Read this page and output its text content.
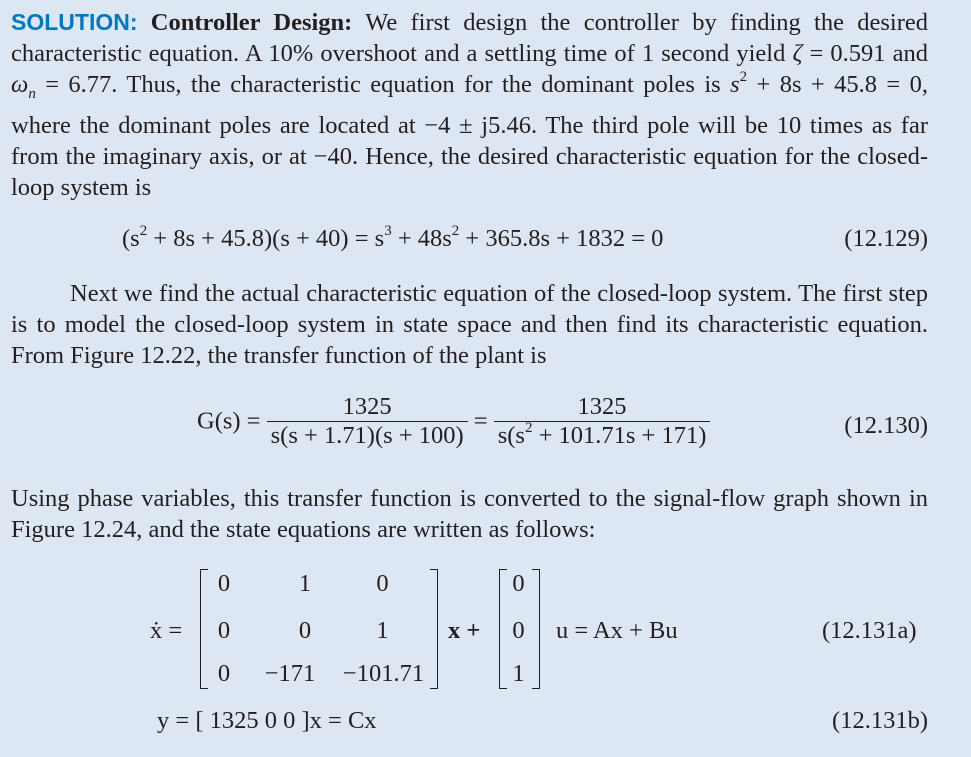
SOLUTION: Controller Design: We first design the controller by finding the desired characteristic equation. A 10% overshoot and a settling time of 1 second yield ζ = 0.591 and $\omega_n = 6.77$. Thus, the characteristic equation for the dominant poles is $s^2 + 8s + 45.8 = 0$, where the dominant poles are located at −4 ± j5.46. The third pole will be 10 times as far from the imaginary axis, or at −40. Hence, the desired characteristic equation for the closed-loop system is

$(s^2 + 8s + 45.8)(s + 40) = s^3 + 48s^2 + 365.8s + 1832 = 0$	(12.129)

Next we find the actual characteristic equation of the closed-loop system. The first step is to model the closed-loop system in state space and then find its characteristic equation. From Figure 12.22, the transfer function of the plant is

$G(s) = \frac{1325}{s(s + 1.71)(s + 100)} = \frac{1325}{s(s^2 + 101.71s + 171)}$	(12.130)

Using phase variables, this transfer function is converted to the signal-flow graph shown in Figure 12.24, and the state equations are written as follows:

ẋ =
0	1	0
0	0	1
0	−171	−101.71
x +
0
0
1
u = Ax + Bu	(12.131a)
y = [ 1325 0 0 ]x = Cx	(12.131b)
